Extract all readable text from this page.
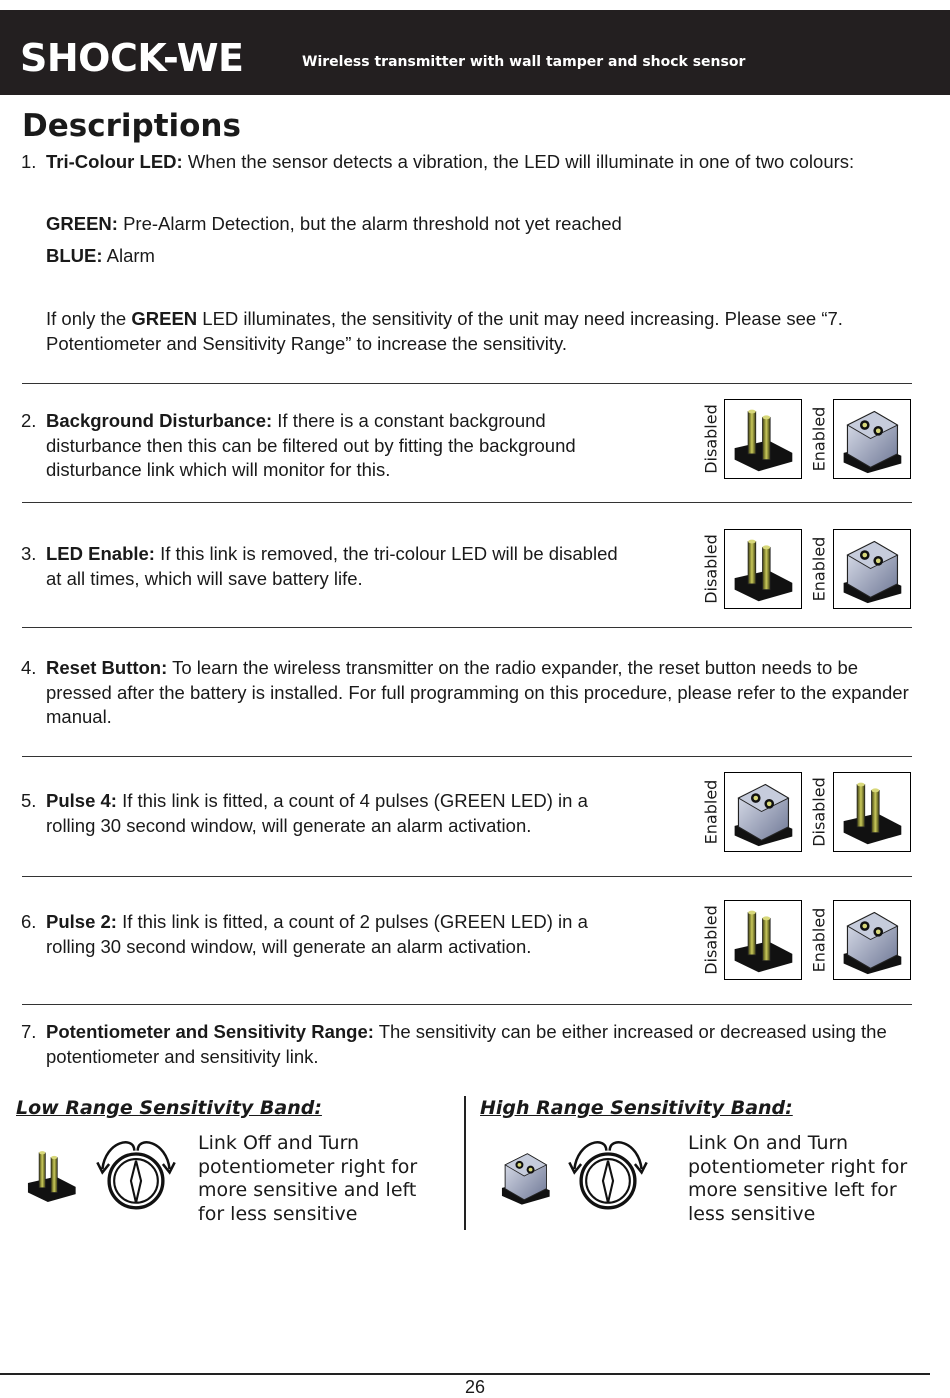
SHOCK-WE	Wireless transmitter with wall tamper and shock sensor
Descriptions
1. Tri-Colour LED: When the sensor detects a vibration, the LED will illuminate in one of two colours:
GREEN: Pre-Alarm Detection, but the alarm threshold not yet reached
BLUE: Alarm
If only the GREEN LED illuminates, the sensitivity of the unit may need increasing. Please see “7. Potentiometer and Sensitivity Range” to increase the sensitivity.
2. Background Disturbance: If there is a constant background disturbance then this can be filtered out by fitting the background disturbance link which will monitor for this.	Disabled	Enabled
3. LED Enable: If this link is removed, the tri-colour LED will be disabled at all times, which will save battery life.	Disabled	Enabled
4. Reset Button: To learn the wireless transmitter on the radio expander, the reset button needs to be pressed after the battery is installed. For full programming on this procedure, please refer to the expander manual.
5. Pulse 4: If this link is fitted, a count of 4 pulses (GREEN LED) in a rolling 30 second window, will generate an alarm activation.	Enabled	Disabled
6. Pulse 2: If this link is fitted, a count of 2 pulses (GREEN LED) in a rolling 30 second window, will generate an alarm activation.	Disabled	Enabled
7. Potentiometer and Sensitivity Range: The sensitivity can be either increased or decreased using the potentiometer and sensitivity link.
Low Range Sensitivity Band:
Link Off and Turn potentiometer right for more sensitive and left for less sensitive
High Range Sensitivity Band:
Link On and Turn potentiometer right for more sensitive left for less sensitive
26
